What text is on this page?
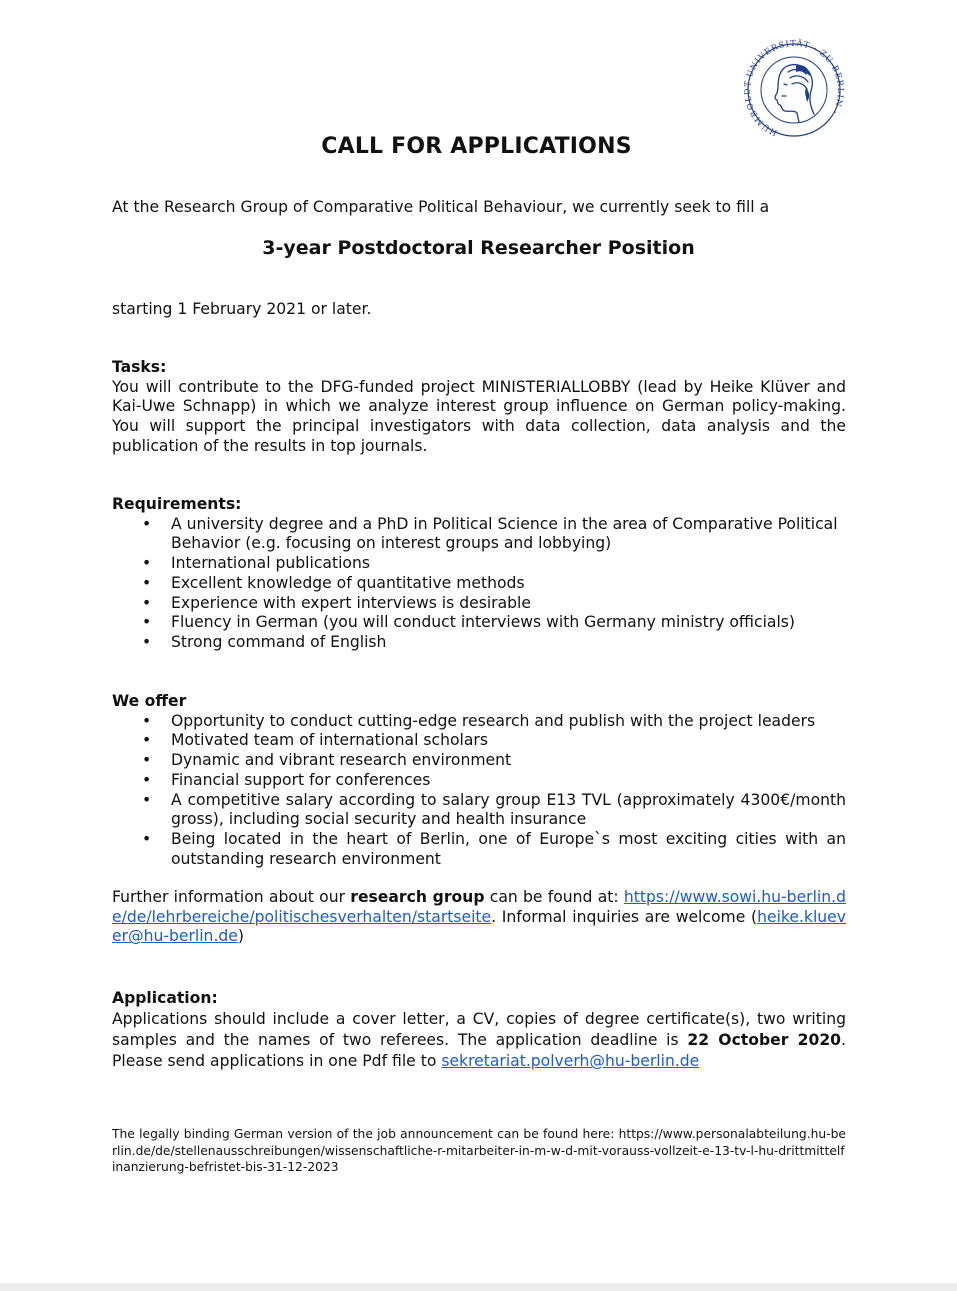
HUMBO -UNIVERSITÄT · ZU BE N ·
CALL FOR APPLICATIONS
At the Research Group of Comparative Political Behaviour, we currently seek to fill a
3-year Postdoctoral Researcher Position
starting 1 February 2021 or later.
Tasks:
You will contribute to the DFG-funded project MINISTERIALLOBBY (lead by Heike Klüver and Kai-Uwe Schnapp) in which we analyze interest group influence on German policy-making. You will support the principal investigators with data collection, data analysis and the publication of the results in top journals.
Requirements:
• A university degree and a PhD in Political Science in the area of Comparative Political Behavior (e.g. focusing on interest groups and lobbying)
• International publications
• Excellent knowledge of quantitative methods
• Experience with expert interviews is desirable
• Fluency in German (you will conduct interviews with Germany ministry officials)
• Strong command of English
We offer
• Opportunity to conduct cutting-edge research and publish with the project leaders
• Motivated team of international scholars
• Dynamic and vibrant research environment
• Financial support for conferences
• A competitive salary according to salary group E13 TVL (approximately 4300€/month gross), including social security and health insurance
• Being located in the heart of Berlin, one of Europe`s most exciting cities with an outstanding research environment
Further information about our research group can be found at: https://www.sowi.hu-berlin.de/de/lehrbereiche/politischesverhalten/startseite. Informal inquiries are welcome (heike.kluever@hu-berlin.de)
Application:
Applications should include a cover letter, a CV, copies of degree certificate(s), two writing samples and the names of two referees. The application deadline is 22 October 2020. Please send applications in one Pdf file to sekretariat.polverh@hu-berlin.de
The legally binding German version of the job announcement can be found here: https://www.personalabteilung.hu-berlin.de/de/stellenausschreibungen/wissenschaftliche-r-mitarbeiter-in-m-w-d-mit-vorauss-vollzeit-e-13-tv-l-hu-drittmittelfinanzierung-befristet-bis-31-12-2023
